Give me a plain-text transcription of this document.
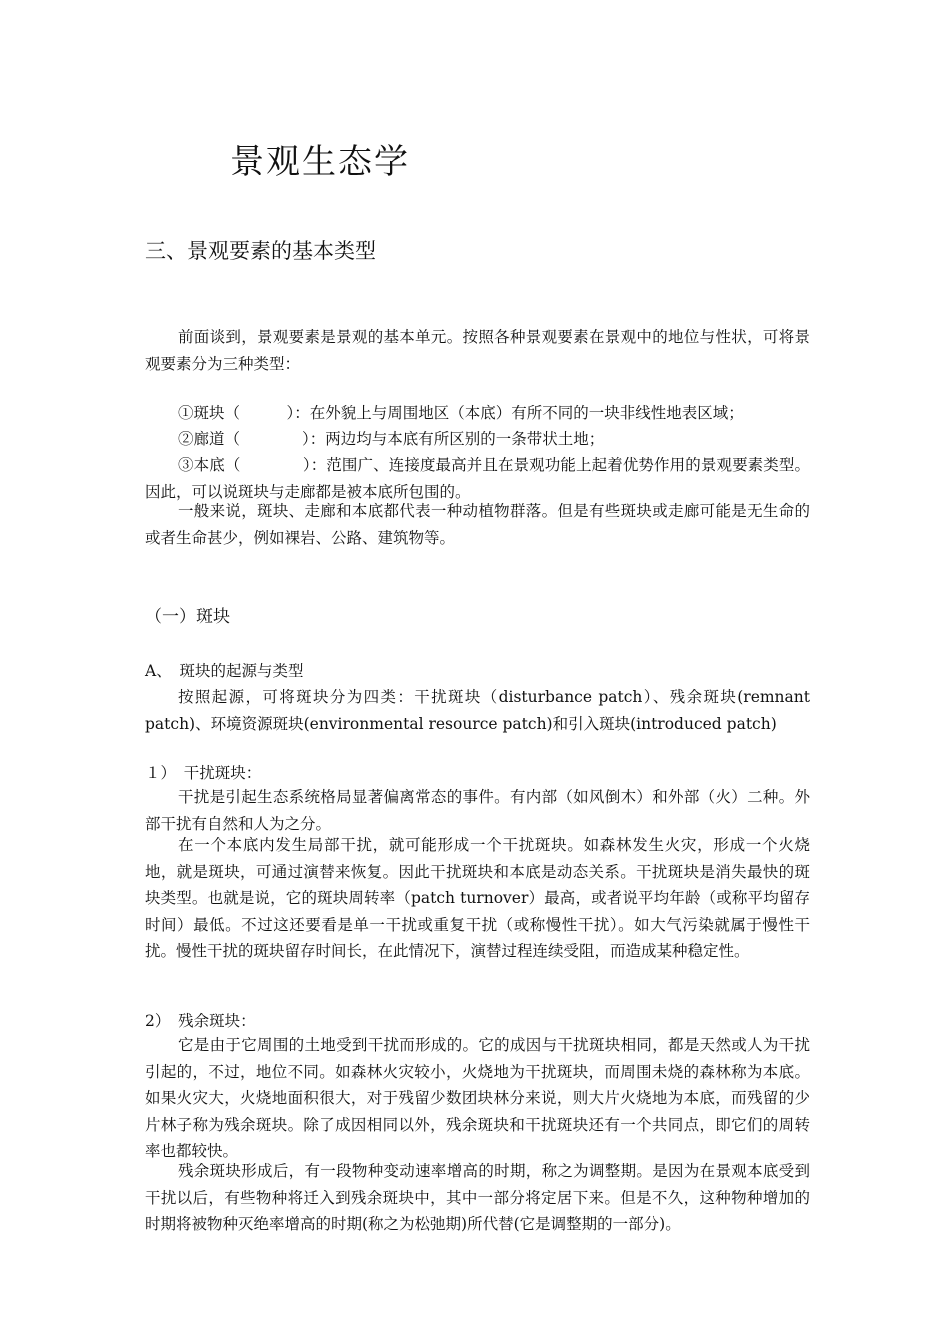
景观生态学
三、景观要素的基本类型

前面谈到，景观要素是景观的基本单元。按照各种景观要素在景观中的地位与性状，可将景观要素分为三种类型：

①斑块（　　　）：在外貌上与周围地区（本底）有所不同的一块非线性地表区域；

②廊道（　　　　）：两边均与本底有所区别的一条带状土地；

③本底（　　　　）：范围广、连接度最高并且在景观功能上起着优势作用的景观要素类型。因此，可以说斑块与走廊都是被本底所包围的。

一般来说，斑块、走廊和本底都代表一种动植物群落。但是有些斑块或走廊可能是无生命的或者生命甚少，例如裸岩、公路、建筑物等。

（一）斑块

A、　斑块的起源与类型

按照起源，可将斑块分为四类：干扰斑块（disturbance patch）、残余斑块(remnant patch)、环境资源斑块(environmental resource patch)和引入斑块(introduced patch)

１）　干扰斑块：

干扰是引起生态系统格局显著偏离常态的事件。有内部（如风倒木）和外部（火）二种。外部干扰有自然和人为之分。

在一个本底内发生局部干扰，就可能形成一个干扰斑块。如森林发生火灾，形成一个火烧地，就是斑块，可通过演替来恢复。因此干扰斑块和本底是动态关系。干扰斑块是消失最快的斑块类型。也就是说，它的斑块周转率（patch turnover）最高，或者说平均年龄（或称平均留存时间）最低。不过这还要看是单一干扰或重复干扰（或称慢性干扰）。如大气污染就属于慢性干扰。慢性干扰的斑块留存时间长，在此情况下，演替过程连续受阻，而造成某种稳定性。

2）　残余斑块：

它是由于它周围的土地受到干扰而形成的。它的成因与干扰斑块相同，都是天然或人为干扰引起的，不过，地位不同。如森林火灾较小，火烧地为干扰斑块，而周围未烧的森林称为本底。如果火灾大，火烧地面积很大，对于残留少数团块林分来说，则大片火烧地为本底，而残留的少片林子称为残余斑块。除了成因相同以外，残余斑块和干扰斑块还有一个共同点，即它们的周转率也都较快。

残余斑块形成后，有一段物种变动速率增高的时期，称之为调整期。是因为在景观本底受到干扰以后，有些物种将迁入到残余斑块中，其中一部分将定居下来。但是不久，这种物种增加的时期将被物种灭绝率增高的时期(称之为松弛期)所代替(它是调整期的一部分)。
